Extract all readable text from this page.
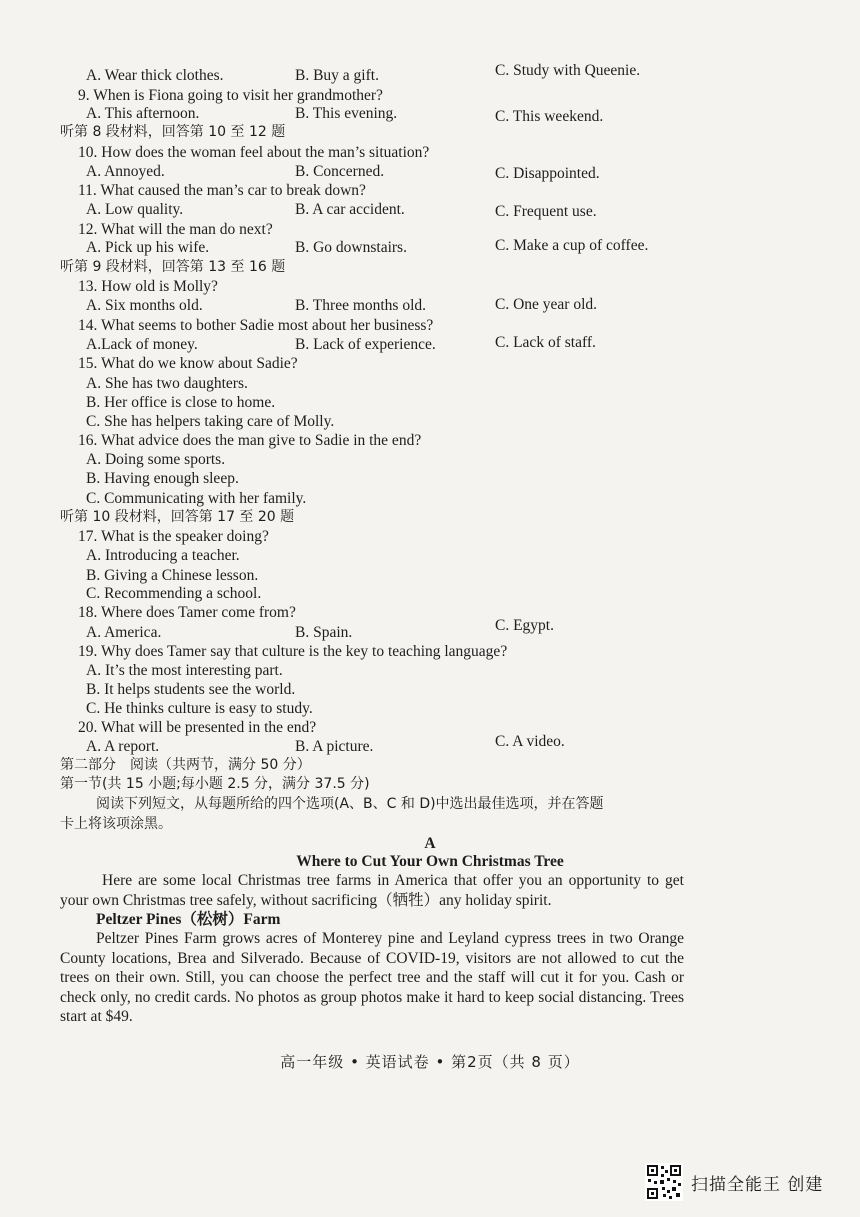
A. Wear thick clothes.	B. Buy a gift.	C. Study with Queenie.
9. When is Fiona going to visit her grandmother?
A. This afternoon.	B. This evening.	C. This weekend.
听第 8 段材料，回答第 10 至 12 题
10. How does the woman feel about the man’s situation?
A. Annoyed.	B. Concerned.	C. Disappointed.
11. What caused the man’s car to break down?
A. Low quality.	B. A car accident.	C. Frequent use.
12. What will the man do next?
A. Pick up his wife.	B. Go downstairs.	C. Make a cup of coffee.
听第 9 段材料，回答第 13 至 16 题
13. How old is Molly?
A. Six months old.	B. Three months old.	C. One year old.
14. What seems to bother Sadie most about her business?
A.Lack of money.	B. Lack of experience.	C. Lack of staff.
15. What do we know about Sadie?
A. She has two daughters.
B. Her office is close to home.
C. She has helpers taking care of Molly.
16. What advice does the man give to Sadie in the end?
A. Doing some sports.
B. Having enough sleep.
C. Communicating with her family.
听第 10 段材料，回答第 17 至 20 题
17. What is the speaker doing?
A. Introducing a teacher.
B. Giving a Chinese lesson.
C. Recommending a school.
18. Where does Tamer come from?
A. America.	B. Spain.	C. Egypt.
19. Why does Tamer say that culture is the key to teaching language?
A. It’s the most interesting part.
B. It helps students see the world.
C. He thinks culture is easy to study.
20. What will be presented in the end?
A. A report.	B. A picture.	C. A video.
第二部分　阅读（共两节，满分 50 分）
第一节(共 15 小题;每小题 2.5 分，满分 37.5 分)
阅读下列短文，从每题所给的四个选项(A、B、C 和 D)中选出最佳选项，并在答题
卡上将该项涂黑。
A
Where to Cut Your Own Christmas Tree
Here are some local Christmas tree farms in America that offer you an opportunity to get your own Christmas tree safely, without sacrificing（牺牲）any holiday spirit.
Peltzer Pines（松树）Farm
Peltzer Pines Farm grows acres of Monterey pine and Leyland cypress trees in two Orange County locations, Brea and Silverado. Because of COVID-19, visitors are not allowed to cut the trees on their own. Still, you can choose the perfect tree and the staff will cut it for you. Cash or check only, no credit cards. No photos as group photos make it hard to keep social distancing. Trees start at $49.
高一年级 • 英语试卷 • 第2页（共 8 页）
扫描全能王 创建
